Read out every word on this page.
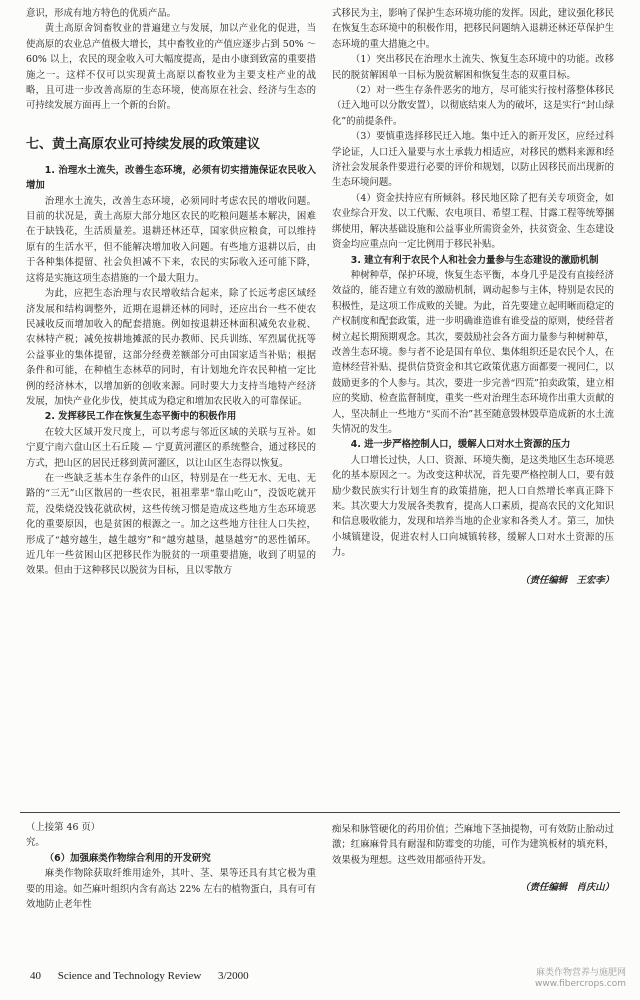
意识，形成有地方特色的优质产品。

黄土高原舍饲畜牧业的普遍建立与发展，加以产业化的促进，当使高原的农业总产值极大增长，其中畜牧业的产值应逐步占到 50% ～ 60% 以上，农民的现金收入可大幅度提高，是由小康到致富的重要措施之一。这样不仅可以实现黄土高原以畜牧业为主要支柱产业的战略，且可进一步改善高原的生态环境，使高原在社会、经济与生态的可持续发展方面再上一个新的台阶。

七、黄土高原农业可持续发展的政策建议

1. 治理水土流失，改善生态环境，必须有切实措施保证农民收入增加

治理水土流失，改善生态环境，必须同时考虑农民的增收问题。目前的状况是，黄土高原大部分地区农民的吃粮问题基本解决，困难在于缺钱花，生活质量差。退耕还林还草，国家供应粮食，可以维持原有的生活水平，但不能解决增加收入问题。有些地方退耕以后，由于各种集体提留、社会负担减不下来，农民的实际收入还可能下降，这将是实施这项生态措施的一个最大阻力。

为此，应把生态治理与农民增收结合起来，除了长远考虑区域经济发展和结构调整外，近期在退耕还林的同时，还应出台一些不使农民减收反而增加收入的配套措施。例如按退耕还林面积减免农业税、农林特产税；减免按耕地摊派的民办教师、民兵训练、军烈属优抚等公益事业的集体提留，这部分经费差额部分可由国家适当补贴；根据条件和可能，在种植生态林草的同时，有计划地允许农民种植一定比例的经济林木，以增加新的创收来源。同时要大力支持当地特产经济发展，加快产业化步伐，使其成为稳定和增加农民收入的可靠保证。

2. 发挥移民工作在恢复生态平衡中的积极作用

在较大区域开发尺度上，可以考虑与邻近区域的关联与互补。如宁夏宁南六盘山区土石丘陵 — 宁夏黄河灌区的系统整合，通过移民的方式，把山区的居民迁移到黄河灌区，以让山区生态得以恢复。

在一些缺乏基本生存条件的山区，特别是在一些无水、无电、无路的“三无”山区散居的一些农民，祖祖辈辈“靠山吃山”，没饭吃就开荒，没柴烧没钱花就砍树，这些传统习惯是造成这些地方生态环境恶化的重要原因，也是贫困的根源之一。加之这些地方往往人口失控，形成了“越穷越生，越生越穷”和“越穷越垦，越垦越穷”的恶性循环。近几年一些贫困山区把移民作为脱贫的一项重要措施，收到了明显的效果。但由于这种移民以脱贫为目标，且以零散方

式移民为主，影响了保护生态环境功能的发挥。因此，建议强化移民在恢复生态环境中的积极作用，把移民问题纳入退耕还林还草保护生态环境的重大措施之中。

（1）突出移民在治理水土流失、恢复生态环境中的功能。改移民的脱贫解困单一目标为脱贫解困和恢复生态的双重目标。

（2）对一些生存条件恶劣的地方，尽可能实行按村落整体移民（迁入地可以分散安置），以彻底结束人为的破坏，这是实行“封山绿化”的前提条件。

（3）要慎重选择移民迁入地。集中迁入的新开发区，应经过科学论证，人口迁入量要与水土承载力相适应，对移民的燃料来源和经济社会发展条件要进行必要的评价和规划，以防止因移民而出现新的生态环境问题。

（4）资金扶持应有所倾斜。移民地区除了把有关专项资金，如农业综合开发、以工代赈、农电项目、希望工程、甘露工程等统筹捆绑使用，解决基础设施和公益事业所需资金外，扶贫资金、生态建设资金均应重点向一定比例用于移民补贴。

3. 建立有利于农民个人和社会力量参与生态建设的激励机制

种树种草，保护环境，恢复生态平衡，本身几乎是没有直接经济效益的，能否建立有效的激励机制，调动起参与主体，特别是农民的积极性，是这项工作成败的关键。为此，首先要建立起明晰而稳定的产权制度和配套政策，进一步明确谁造谁有谁受益的原则，使经营者树立起长期预期观念。其次，要鼓励社会各方面力量参与种树种草，改善生态环境。参与者不论是国有单位、集体组织还是农民个人，在造林经营补贴、提供信贷资金和其它政策优惠方面都要一视同仁，以鼓励更多的个人参与。其次，要进一步完善“四荒”拍卖政策，建立相应的奖励、检查监督制度，重奖一些对治理生态环境作出重大贡献的人，坚决制止一些地方“买而不治”甚至随意毁林毁草造成新的水土流失情况的发生。

4. 进一步严格控制人口，缓解人口对水土资源的压力

人口增长过快，人口、资源、环境失衡，是这类地区生态环境恶化的基本原因之一。为改变这种状况，首先要严格控制人口，要有鼓励少数民族实行计划生育的政策措施，把人口自然增长率真正降下来。其次要大力发展各类教育，提高人口素质，提高农民的文化知识和信息吸收能力，发现和培养当地的企业家和各类人才。第三，加快小城镇建设，促进农村人口向城镇转移，缓解人口对水土资源的压力。

（责任编辑　王宏李）

（上接第 46 页）

究。

（6）加强麻类作物综合利用的开发研究

麻类作物除获取纤维用途外，其叶、茎、果等还具有其它极为重要的用途。如苎麻叶组织内含有高达 22% 左右的植物蛋白，具有可有效地防止老年性

痴呆和脉管硬化的药用价值；苎麻地下茎抽提物，可有效防止胎动过激；红麻麻骨具有耐湿和防霉变的功能，可作为建筑板材的填充料，效果极为理想。这些效用都亟待开发。

（责任编辑　肖庆山）
40 Science and Technology Review 3/2000	麻类作物营养与施肥网
www.fibercrops.com
